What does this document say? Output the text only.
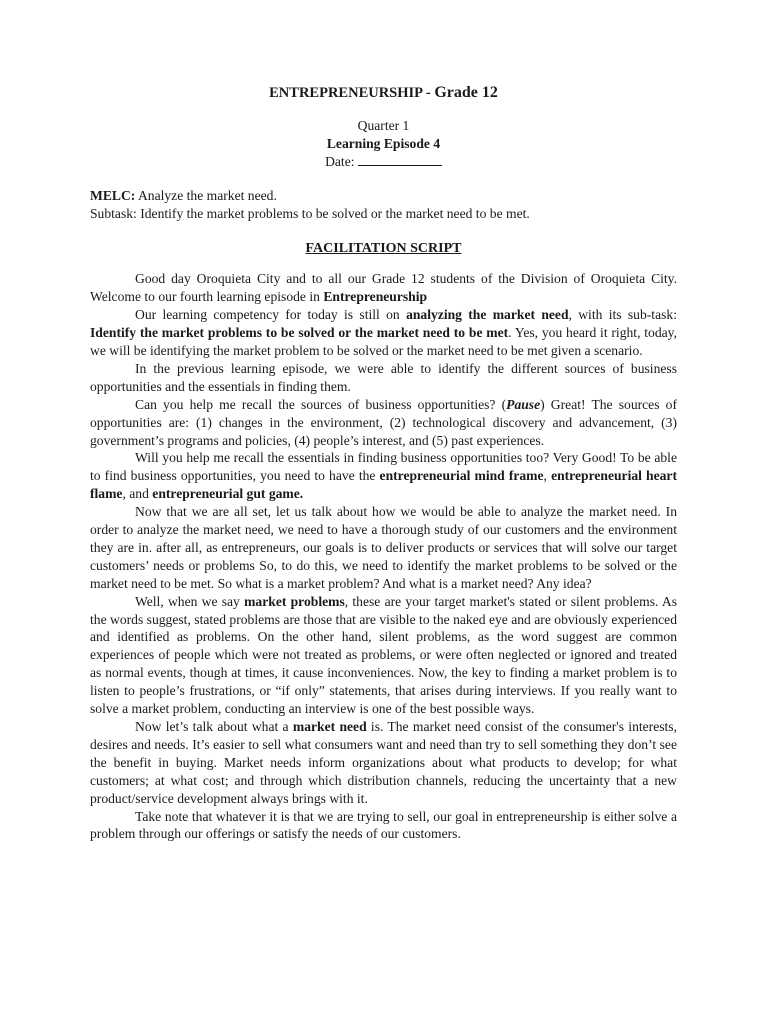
ENTREPRENEURSHIP - Grade 12

Quarter 1
Learning Episode 4
Date:
MELC: Analyze the market need.
Subtask: Identify the market problems to be solved or the market need to be met.
FACILITATION SCRIPT

Good day Oroquieta City and to all our Grade 12 students of the Division of Oroquieta City. Welcome to our fourth learning episode in Entrepreneurship

Our learning competency for today is still on analyzing the market need, with its sub-task: Identify the market problems to be solved or the market need to be met. Yes, you heard it right, today, we will be identifying the market problem to be solved or the market need to be met given a scenario.

In the previous learning episode, we were able to identify the different sources of business opportunities and the essentials in finding them.

Can you help me recall the sources of business opportunities? (Pause) Great! The sources of opportunities are: (1) changes in the environment, (2) technological discovery and advancement, (3) government’s programs and policies, (4) people’s interest, and (5) past experiences.

Will you help me recall the essentials in finding business opportunities too? Very Good! To be able to find business opportunities, you need to have the entrepreneurial mind frame, entrepreneurial heart flame, and entrepreneurial gut game.

Now that we are all set, let us talk about how we would be able to analyze the market need. In order to analyze the market need, we need to have a thorough study of our customers and the environment they are in. after all, as entrepreneurs, our goals is to deliver products or services that will solve our target customers’ needs or problems So, to do this, we need to identify the market problems to be solved or the market need to be met. So what is a market problem? And what is a market need? Any idea?

Well, when we say market problems, these are your target market's stated or silent problems. As the words suggest, stated problems are those that are visible to the naked eye and are obviously experienced and identified as problems. On the other hand, silent problems, as the word suggest are common experiences of people which were not treated as problems, or were often neglected or ignored and treated as normal events, though at times, it cause inconveniences. Now, the key to finding a market problem is to listen to people’s frustrations, or “if only” statements, that arises during interviews. If you really want to solve a market problem, conducting an interview is one of the best possible ways.

Now let’s talk about what a market need is. The market need consist of the consumer's interests, desires and needs. It’s easier to sell what consumers want and need than try to sell something they don’t see the benefit in buying. Market needs inform organizations about what products to develop; for what customers; at what cost; and through which distribution channels, reducing the uncertainty that a new product/service development always brings with it.

Take note that whatever it is that we are trying to sell, our goal in entrepreneurship is either solve a problem through our offerings or satisfy the needs of our customers.
